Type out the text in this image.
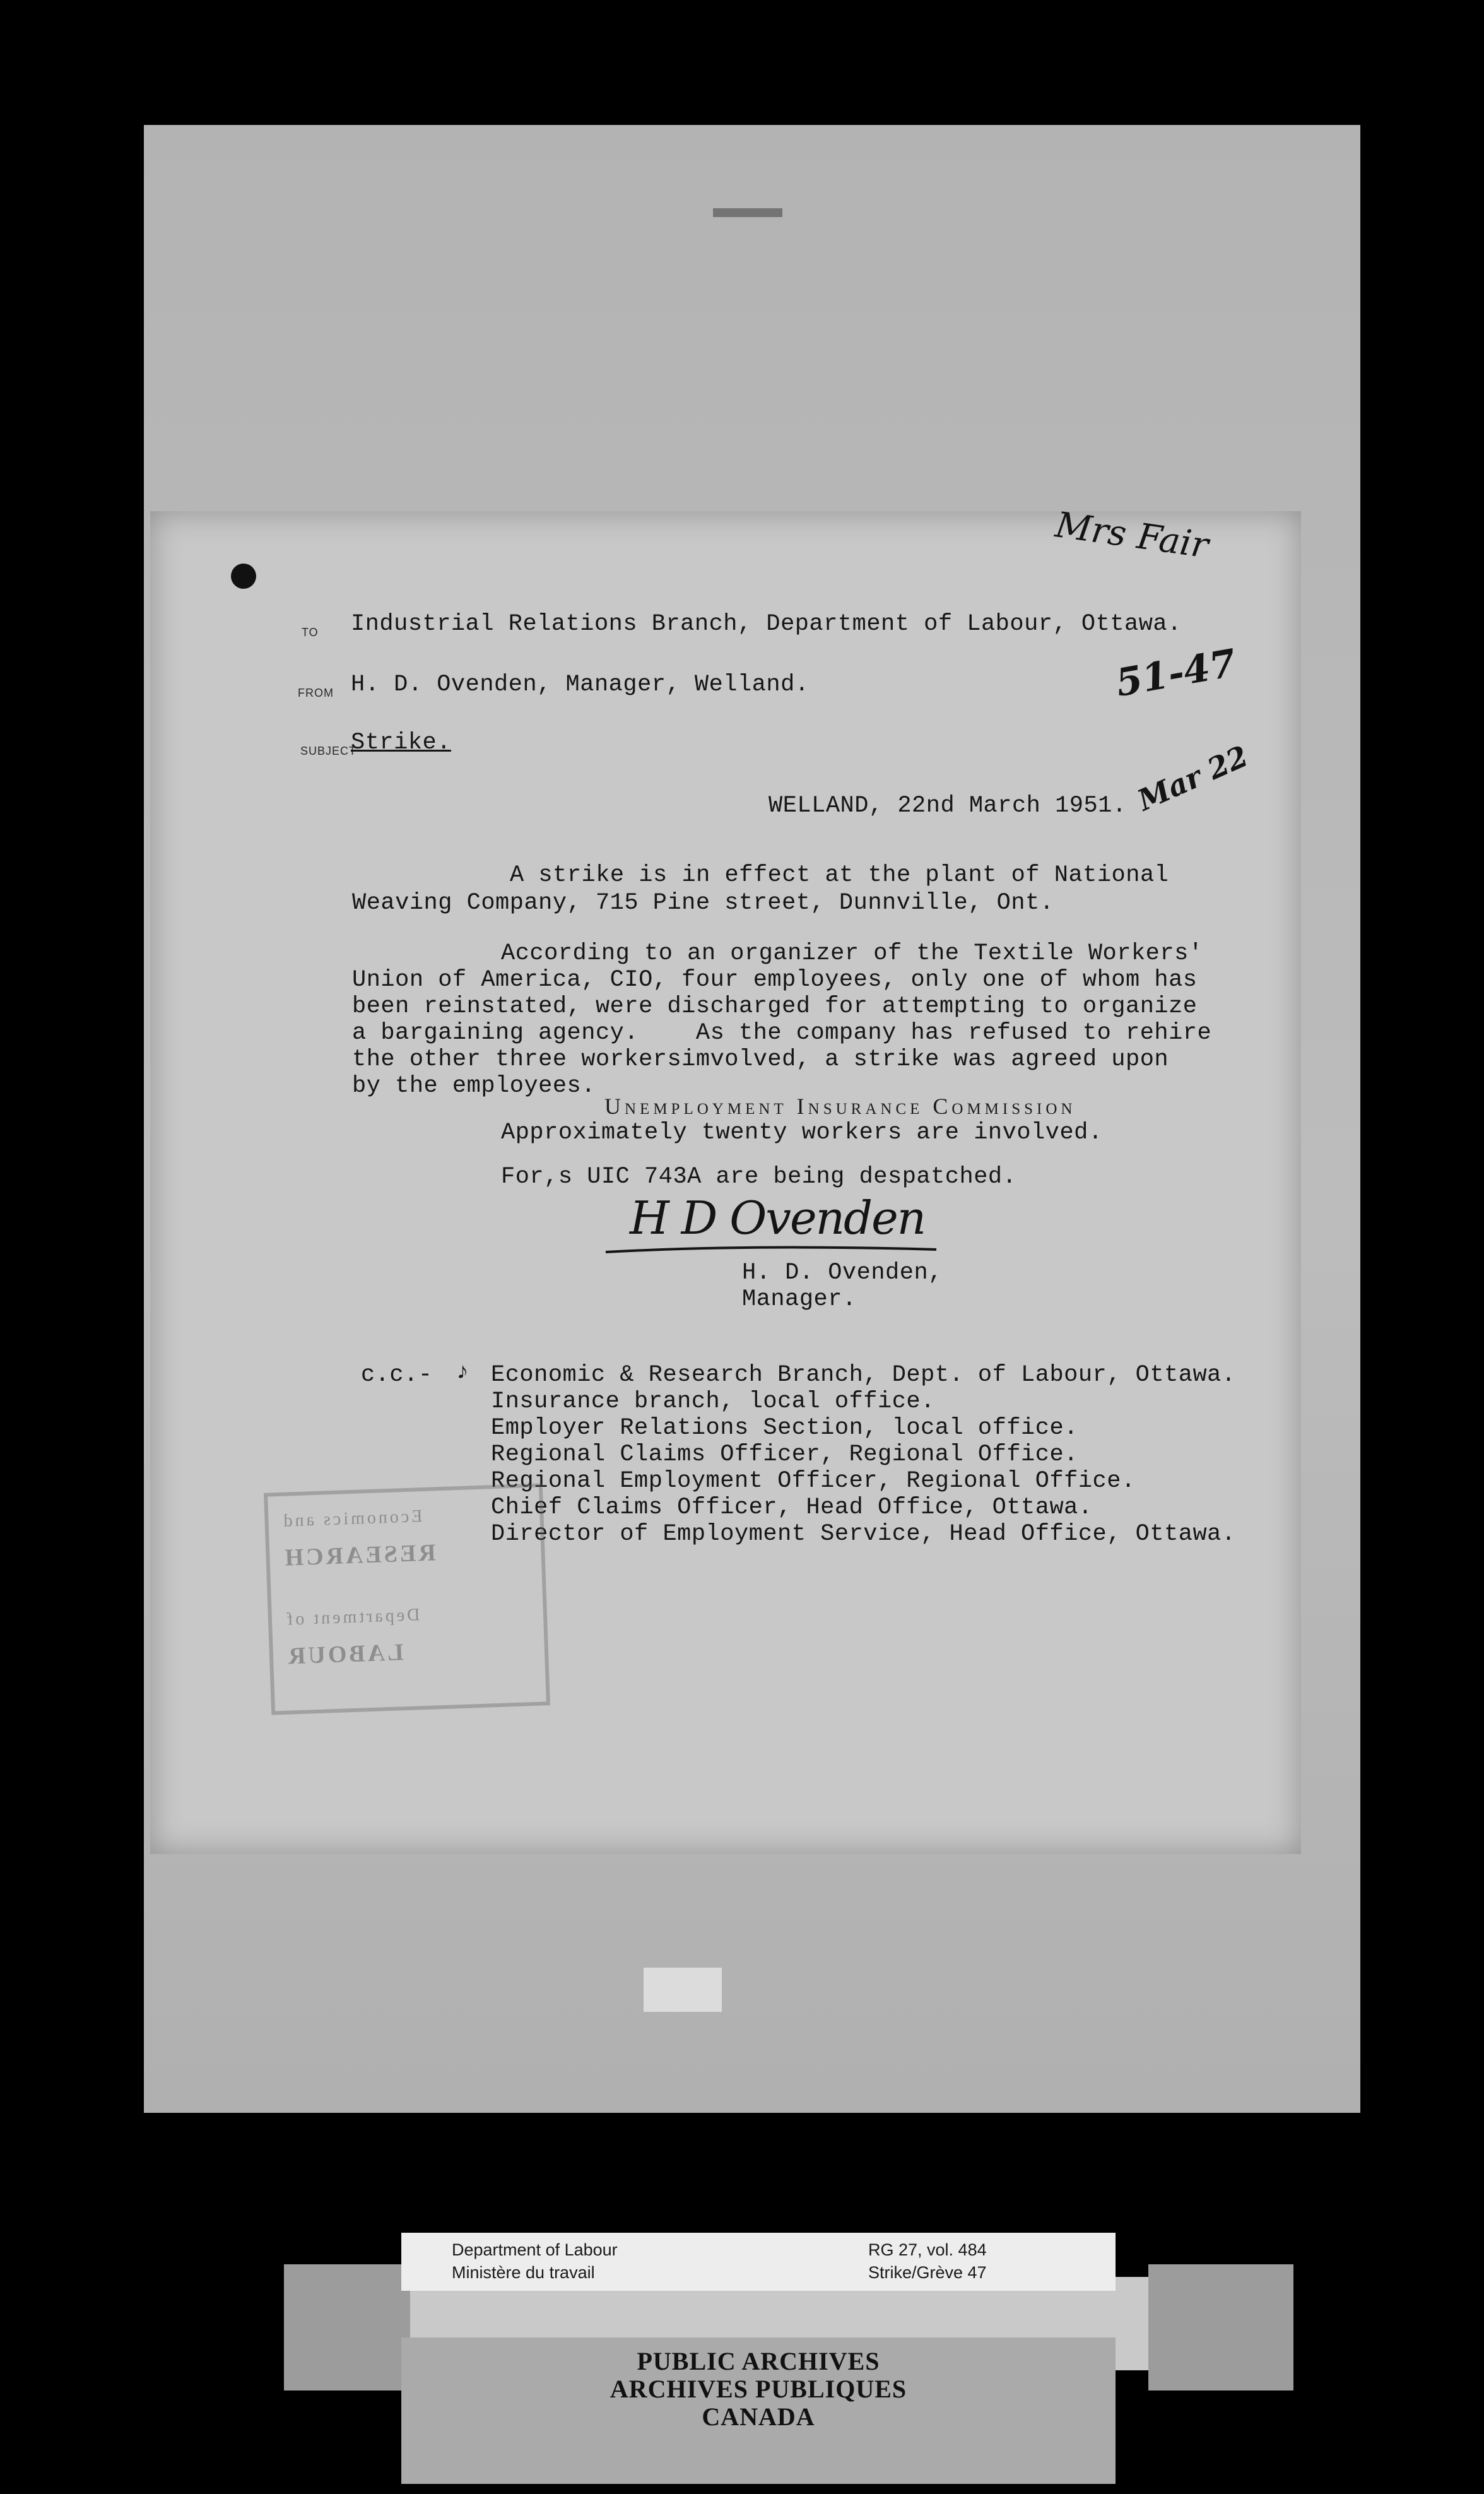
Unemployment Insurance Commission
TO Industrial Relations Branch, Department of Labour, Ottawa.
FROM H. D. Ovenden, Manager, Welland.
SUBJECT
Strike.
WELLAND, 22nd March 1951.
A strike is in effect at the plant of National
Weaving Company, 715 Pine street, Dunnville, Ont.
According to an organizer of the Textile Workers'
Union of America, CIO, four employees, only one of whom has
been reinstated, were discharged for attempting to organize
a bargaining agency.    As the company has refused to rehire
the other three workersimvolved, a strike was agreed upon
by the employees.
Approximately twenty workers are involved.
For,s UIC 743A are being despatched.
H D Ovenden
H. D. Ovenden,
Manager.
c.c.- ♪ Economic & Research Branch, Dept. of Labour, Ottawa.
Insurance branch, local office.
Employer Relations Section, local office.
Regional Claims Officer, Regional Office.
Regional Employment Officer, Regional Office.
Chief Claims Officer, Head Office, Ottawa.
Director of Employment Service, Head Office, Ottawa.
Mrs Fair
51-47
Mar 22
Economics and
RESEARCH
Department of
LABOUR
Department of Labour
Ministère du travail
RG 27, vol. 484
Strike/Grève 47
PUBLIC ARCHIVES
ARCHIVES PUBLIQUES
CANADA
